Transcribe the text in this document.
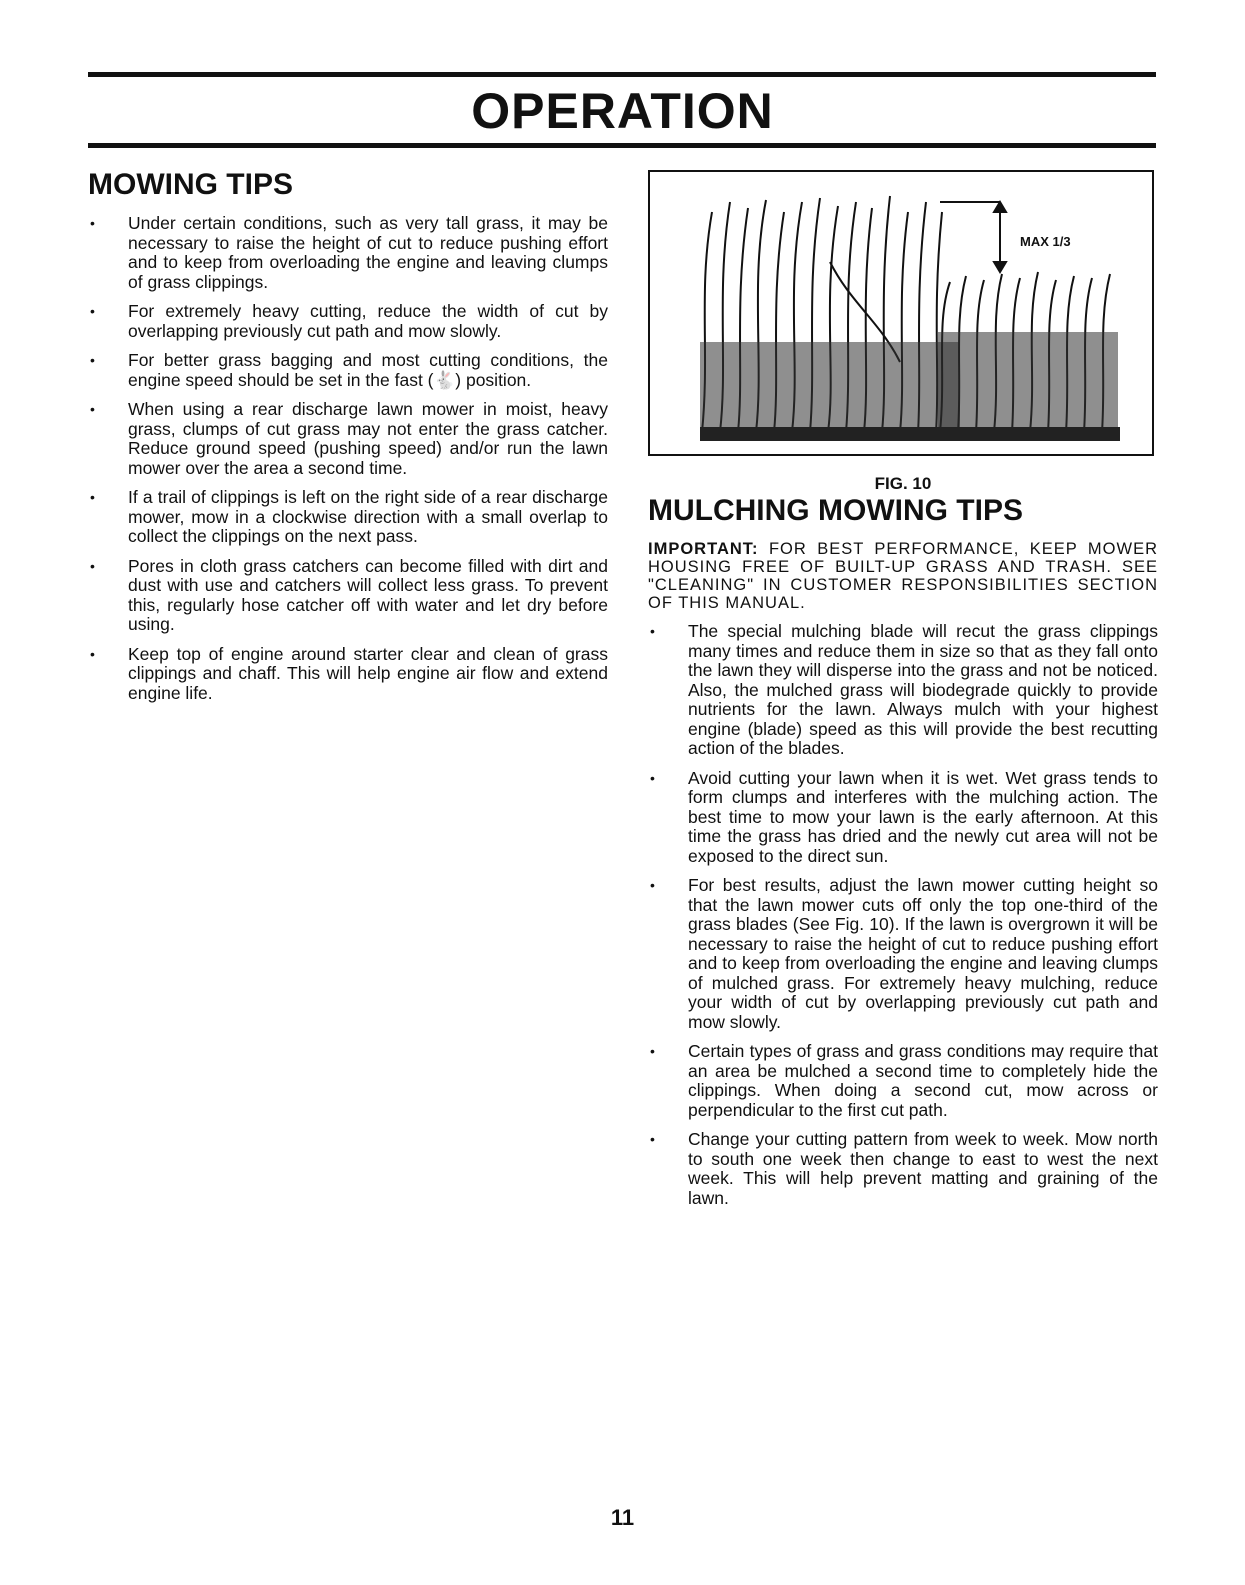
OPERATION
MOWING TIPS
•	Under certain conditions, such as very tall grass, it may be necessary to raise the height of cut to reduce pushing effort and to keep from overloading the engine and leaving clumps of grass clippings.
•	For extremely heavy cutting, reduce the width of cut by overlapping previously cut path and mow slowly.
•	For better grass bagging and most cutting conditions, the engine speed should be set in the fast (🐇) position.
•	When using a rear discharge lawn mower in moist, heavy grass, clumps of cut grass may not enter the grass catcher. Reduce ground speed (pushing speed) and/or run the lawn mower over the area a second time.
•	If a trail of clippings is left on the right side of a rear discharge mower, mow in a clockwise direction with a small overlap to collect the clippings on the next pass.
•	Pores in cloth grass catchers can become filled with dirt and dust with use and catchers will collect less grass. To prevent this, regularly hose catcher off with water and let dry before using.
•	Keep top of engine around starter clear and clean of grass clippings and chaff. This will help engine air flow and extend engine life.
MAX 1/3
FIG. 10
MULCHING MOWING TIPS

IMPORTANT: FOR BEST PERFORMANCE, KEEP MOWER HOUSING FREE OF BUILT-UP GRASS AND TRASH. SEE "CLEANING" IN CUSTOMER RESPONSIBILITIES SECTION OF THIS MANUAL.

•	The special mulching blade will recut the grass clippings many times and reduce them in size so that as they fall onto the lawn they will disperse into the grass and not be noticed. Also, the mulched grass will biodegrade quickly to provide nutrients for the lawn. Always mulch with your highest engine (blade) speed as this will provide the best recutting action of the blades.
•	Avoid cutting your lawn when it is wet. Wet grass tends to form clumps and interferes with the mulching action. The best time to mow your lawn is the early afternoon. At this time the grass has dried and the newly cut area will not be exposed to the direct sun.
•	For best results, adjust the lawn mower cutting height so that the lawn mower cuts off only the top one-third of the grass blades (See Fig. 10). If the lawn is overgrown it will be necessary to raise the height of cut to reduce pushing effort and to keep from overloading the engine and leaving clumps of mulched grass. For extremely heavy mulching, reduce your width of cut by overlapping previously cut path and mow slowly.
•	Certain types of grass and grass conditions may require that an area be mulched a second time to completely hide the clippings. When doing a second cut, mow across or perpendicular to the first cut path.
•	Change your cutting pattern from week to week. Mow north to south one week then change to east to west the next week. This will help prevent matting and graining of the lawn.
11
